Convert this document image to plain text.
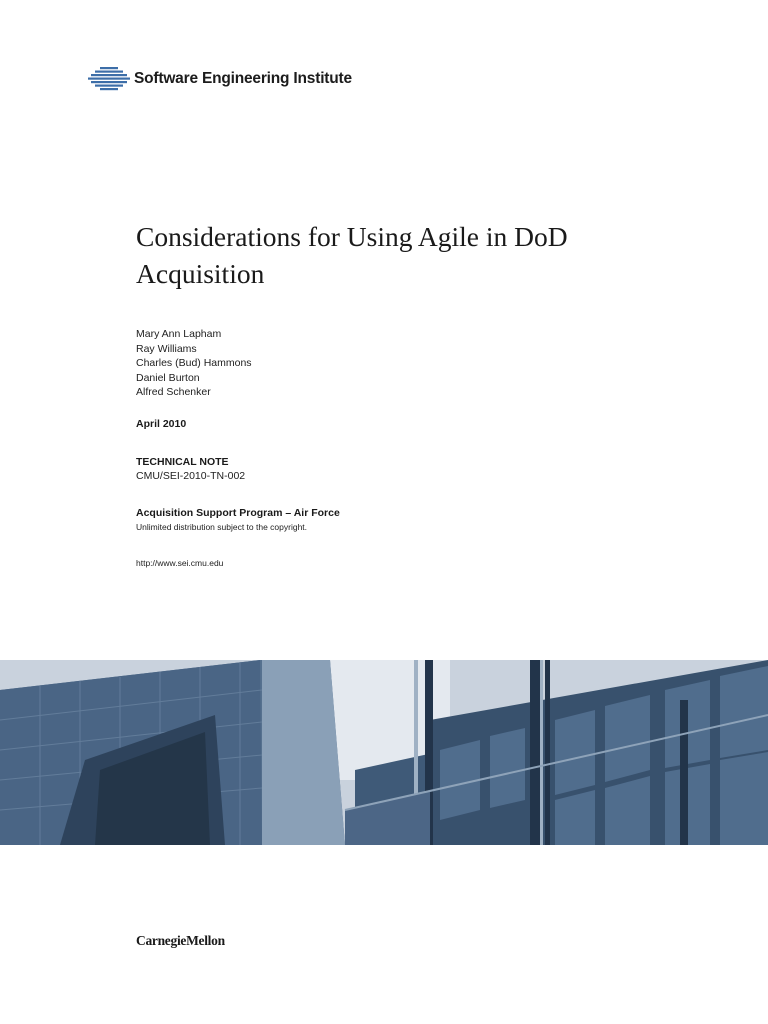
Software Engineering Institute
Considerations for Using Agile in DoD Acquisition
Mary Ann Lapham
Ray Williams
Charles (Bud) Hammons
Daniel Burton
Alfred Schenker
April 2010
TECHNICAL NOTE
CMU/SEI-2010-TN-002
Acquisition Support Program – Air Force
Unlimited distribution subject to the copyright.
http://www.sei.cmu.edu
CarnegieMellon
